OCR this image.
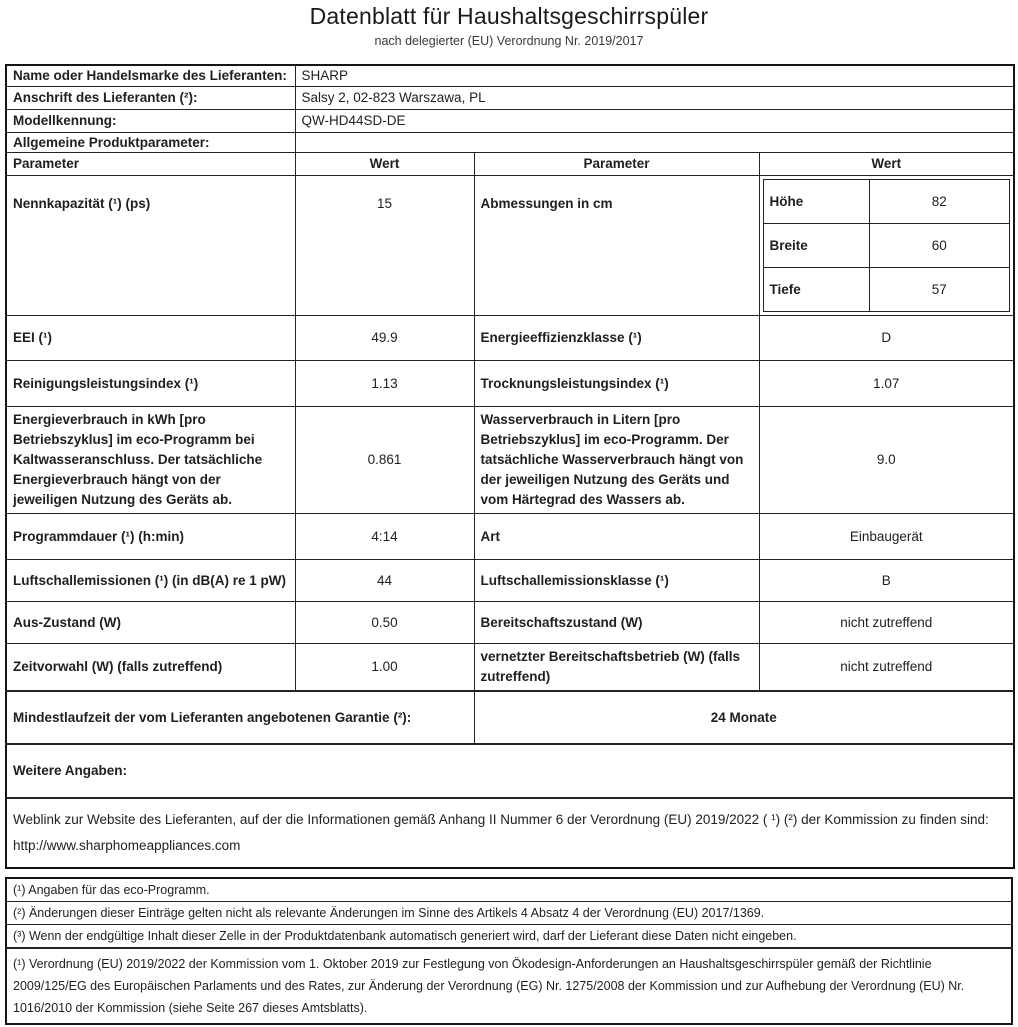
Datenblatt für Haushaltsgeschirrspüler
nach delegierter (EU) Verordnung Nr. 2019/2017
Name oder Handelsmarke des Lieferanten:	SHARP
Anschrift des Lieferanten (²):	Salsy 2, 02-823 Warszawa, PL
Modellkennung:	QW-HD44SD-DE
Allgemeine Produktparameter:	
Parameter	Wert	Parameter	Wert
Nennkapazität (¹) (ps)	15	Abmessungen in cm		Höhe	82
Breite	60
Tiefe	57

EEI (¹)	49.9	Energieeffizienzklasse (¹)	D
Reinigungsleistungsindex (¹)	1.13	Trocknungsleistungsindex (¹)	1.07
Energieverbrauch in kWh [pro Betriebszyklus] im eco-Programm bei Kaltwasseranschluss. Der tatsächliche Energieverbrauch hängt von der jeweiligen Nutzung des Geräts ab.	0.861	Wasserverbrauch in Litern [pro Betriebszyklus] im eco-Programm. Der tatsächliche Wasserverbrauch hängt von der jeweiligen Nutzung des Geräts und vom Härtegrad des Wassers ab.	9.0
Programmdauer (¹) (h:min)	4:14	Art	Einbaugerät
Luftschallemissionen (¹) (in dB(A) re 1 pW)	44	Luftschallemissionsklasse (¹)	B
Aus-Zustand (W)	0.50	Bereitschaftszustand (W)	nicht zutreffend
Zeitvorwahl (W) (falls zutreffend)	1.00	vernetzter Bereitschaftsbetrieb (W) (falls zutreffend)	nicht zutreffend
Mindestlaufzeit der vom Lieferanten angebotenen Garantie (²):	24 Monate
Weitere Angaben:
Weblink zur Website des Lieferanten, auf der die Informationen gemäß Anhang II Nummer 6 der Verordnung (EU) 2019/2022 ( ¹) (²) der Kommission zu finden sind: http://www.sharphomeappliances.com
(¹) Angaben für das eco-Programm.
(²) Änderungen dieser Einträge gelten nicht als relevante Änderungen im Sinne des Artikels 4 Absatz 4 der Verordnung (EU) 2017/1369.
(³) Wenn der endgültige Inhalt dieser Zelle in der Produktdatenbank automatisch generiert wird, darf der Lieferant diese Daten nicht eingeben.
(¹) Verordnung (EU) 2019/2022 der Kommission vom 1. Oktober 2019 zur Festlegung von Ökodesign-Anforderungen an Haushaltsgeschirrspüler gemäß der Richtlinie 2009/125/EG des Europäischen Parlaments und des Rates, zur Änderung der Verordnung (EG) Nr. 1275/2008 der Kommission und zur Aufhebung der Verordnung (EU) Nr. 1016/2010 der Kommission (siehe Seite 267 dieses Amtsblatts).
